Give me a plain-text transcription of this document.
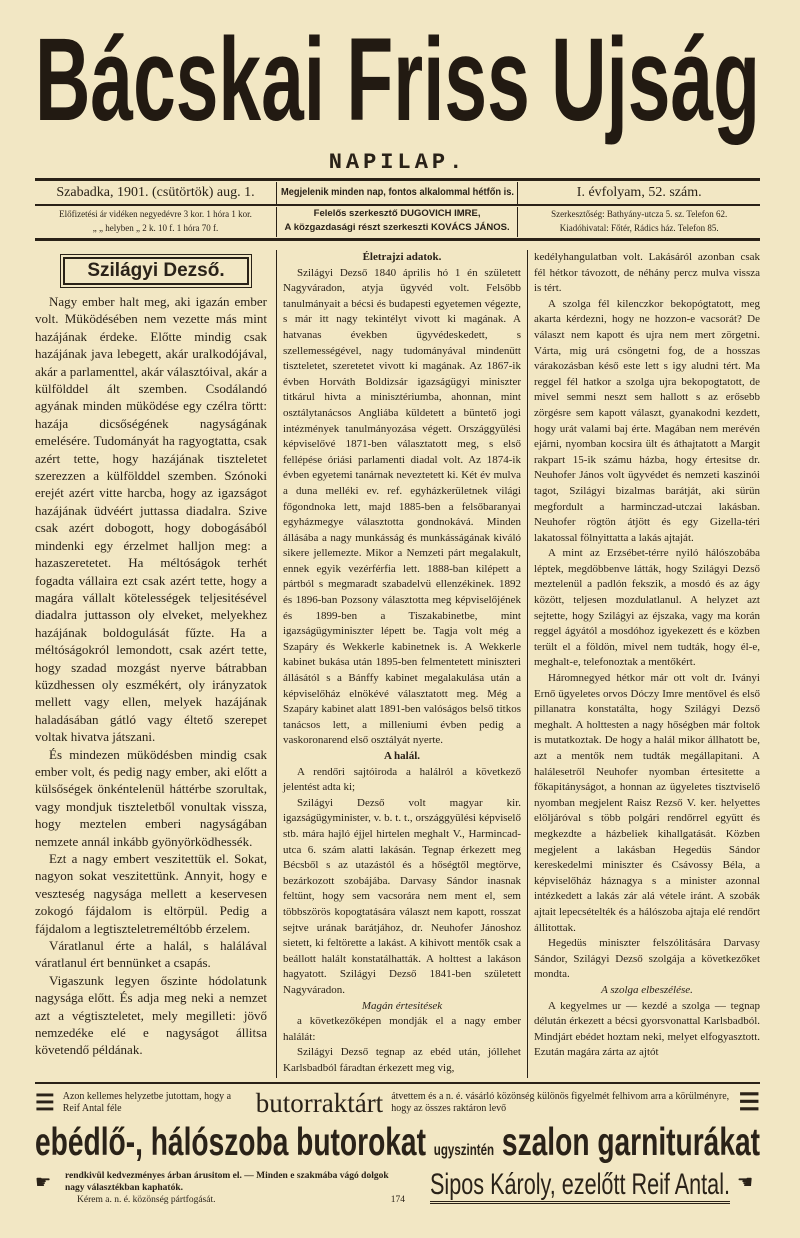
Bácskai Friss Ujság
NAPILAP.
Szabadka, 1901. (csütörtök) aug. 1.	Megjelenik minden nap, fontos alkalommal hétfőn is.	I. évfolyam, 52. szám.
Előfizetési ár vidéken negyedévre 3 kor. 1 hóra 1 kor.
„ „ helyben „ 2 k. 10 f. 1 hóra 70 f.
Felelős szerkesztő DUGOVICH IMRE,
A közgazdasági részt szerkeszti KOVÁCS JÁNOS.
Szerkesztőség: Bathyány-utcza 5. sz. Telefon 62.
Kiadóhivatal: Főtér, Rádics ház. Telefon 85.
Szilágyi Dezső.

Nagy ember halt meg, aki igazán ember volt. Müködésében nem vezette más mint hazájának érdeke. Előtte mindig csak hazájának java lebegett, akár uralkodójával, akár a parlamenttel, akár választóival, akár a külfölddel ált szemben. Csodálandó agyának minden müködése egy czélra törtt: hazája dicsőségének nagyságának emelésére. Tudományát ha ragyogtatta, csak azért tette, hogy hazájának tiszteletet szerezzen a külfölddel szemben. Szónoki erejét azért vitte harcba, hogy az igazságot hazájának üdvéért juttassa diadalra. Szive csak azért dobogott, hogy dobogásából mindenki egy érzelmet halljon meg: a hazaszeretetet. Ha méltóságok terhét fogadta vállaira ezt csak azért tette, hogy a magára vállalt kötelességek teljesitésével diadalra juttasson oly elveket, melyekhez hazájának boldogulását fűzte. Ha a méltóságokról lemondott, csak azért tette, hogy szadad mozgást nyerve bátrabban küzdhessen oly eszmékért, oly irányzatok mellett vagy ellen, melyek hazájának haladásában gátló vagy éltető szerepet voltak hivatva játszani.

És mindezen müködésben mindig csak ember volt, és pedig nagy ember, aki előtt a külsőségek önkéntelenül háttérbe szorultak, vagy mondjuk tiszteletből vonultak vissza, hogy meztelen emberi nagyságában nemzete annál inkább gyönyörködhessék.

Ezt a nagy embert veszitettük el. Sokat, nagyon sokat veszitettünk. Annyit, hogy e veszteség nagysága mellett a keservesen zokogó fájdalom is eltörpül. Pedig a fájdalom a legtiszteletreméltóbb érzelem.

Váratlanul érte a halál, s halálával váratlanul ért bennünket a csapás.

Vigaszunk legyen őszinte hódolatunk nagysága előtt. És adja meg neki a nemzet azt a végtiszteletet, mely megilleti: jövő nemzedéke elé e nagyságot állitsa követendő példának.

Életrajzi adatok.

Szilágyi Dezső 1840 április hó 1 én született Nagyváradon, atyja ügyvéd volt. Felsőbb tanulmányait a bécsi és budapesti egyetemen végezte, s már itt nagy tekintélyt vivott ki magának. A hatvanas években ügyvédeskedett, s szellemességével, nagy tudományával mindenütt tiszteletet, szeretetet vivott ki magának. Az 1867-ik évben Horváth Boldizsár igazságügyi miniszter titkárul hivta a minisztériumba, ahonnan, mint osztálytanácsos Angliába küldetett a büntető jogi intézmények tanulmányozása végett. Országgyülési képviselővé 1871-ben választatott meg, s első fellépése óriási parlamenti diadal volt. Az 1874-ik évben egyetemi tanárnak neveztetett ki. Két év mulva a duna melléki ev. ref. egyházkerületnek világi főgondnoka lett, majd 1885-ben a felsőbaranyai egyházmegye választotta gondnokává. Minden állásába a nagy munkásság és munkásságának kiváló sikere jellemezte. Mikor a Nemzeti párt megalakult, ennek egyik vezérférfia lett. 1888-ban kilépett a pártból s megmaradt szabadelvü ellenzékinek. 1892 és 1896-ban Pozsony választotta meg képviselőjének és 1899-ben a Tiszakabinetbe, mint igazságügyminiszter lépett be. Tagja volt még a Szapáry és Wekkerle kabinetnek is. A Wekkerle kabinet bukása után 1895-ben felmentetett miniszteri állásától s a Bánffy kabinet megalakulása után a képviselőház elnökévé választatott meg. Még a Szapáry kabinet alatt 1891-ben valóságos belső titkos tanácsos lett, a milleniumi évben pedig a vaskoronarend első osztályát nyerte.

A halál.

A rendőri sajtóiroda a halálról a következő jelentést adta ki;

Szilágyi Dezső volt magyar kir. igazságügyminister, v. b. t. t., országgyülési képviselő stb. mára hajló éjjel hirtelen meghalt V., Harmincad-utca 6. szám alatti lakásán. Tegnap érkezett meg Bécsből s az utazástól és a hőségtől megtörve, bezárkozott szobájába. Darvasy Sándor inasnak feltünt, hogy sem vacsorára nem ment el, sem többszörös kopogtatására választ nem kapott, rosszat sejtve urának barátjához, dr. Neuhofer Jánoshoz sietett, ki feltörette a lakást. A kihivott mentők csak a beállott halált konstatálhatták. A holttest a lakáson hagyatott. Szilágyi Dezső 1841-ben született Nagyváradon.

Magán értesitések

a következőképen mondják el a nagy ember halálát:

Szilágyi Dezső tegnap az ebéd után, jóllehet Karlsbadból fáradtan érkezett meg vig,

kedélyhangulatban volt. Lakásáról azonban csak fél hétkor távozott, de néhány percz mulva vissza is tért.

A szolga fél kilenczkor bekopógtatott, meg akarta kérdezni, hogy ne hozzon-e vacsorát? De választ nem kapott és ujra nem mert zörgetni. Várta, mig urá csöngetni fog, de a hosszas várakozásban késő este lett s igy aludni tért. Ma reggel fél hatkor a szolga ujra bekopogtatott, de mivel semmi neszt sem hallott s az erősebb zörgésre sem kapott választ, gyanakodni kezdett, hogy urát valami baj érte. Magában nem merévén ejárni, nyomban kocsira ült és áthajtatott a Margit rakpart 15-ik számu házba, hogy értesitse dr. Neuhofer János volt ügyvédet és nemzeti kaszinói tagot, Szilágyi bizalmas barátját, aki sürün megfordult a harminczad-utczai lakásban. Neuhofer rögtön átjött és egy Gizella-téri lakatossal fölnyittatta a lakás ajtaját.

A mint az Erzsébet-térre nyiló hálószobába léptek, megdöbbenve látták, hogy Szilágyi Dezső meztelenül a padlón fekszik, a mosdó és az ágy között, teljesen mozdulatlanul. A helyzet azt sejtette, hogy Szilágyi az éjszaka, vagy ma korán reggel ágyától a mosdóhoz igyekezett és e közben terült el a földön, mivel nem tudták, hogy él-e, meghalt-e, telefonoztak a mentőkért.

Háromnegyed hétkor már ott volt dr. Iványi Ernő ügyeletes orvos Dóczy Imre mentővel és első pillanatra konstatálta, hogy Szilágyi Dezső meghalt. A holttesten a nagy hőségben már foltok is mutatkoztak. De hogy a halál mikor állhatott be, azt a mentők nem tudták megállapitani. A halálesetről Neuhofer nyomban értesitette a főkapitányságot, a honnan az ügyeletes tisztviselő nyomban megjelent Raisz Rezső V. ker. helyettes elöljáróval s több polgári rendőrrel együtt és megkezdte a házbeliek kihallgatását. Közben megjelent a lakásban Hegedüs Sándor kereskedelmi miniszter és Csávossy Béla, a képviselőház háznagya s a minister azonnal intézkedett a lakás zár alá vétele iránt. A szobák ajtait lepecsételték és a hálószoba ajtaja elé rendőrt állitottak.

Hegedüs miniszter felszólitására Darvasy Sándor, Szilágyi Dezső szolgája a következőket mondta.

A szolga elbeszélése.

A kegyelmes ur — kezdé a szolga — tegnap délután érkezett a bécsi gyorsvonattal Karlsbadból. Mindjárt ebédet hoztam neki, melyet elfogyasztott. Ezután magára zárta az ajtót

☰ Azon kellemes helyzetbe jutottam, hogy a Reif Antal féle	butorraktárt átvettem és a n. é. vásárló közönség különös figyelmét felhivom arra a körülményre, hogy az összes raktáron levő	☰
ebédlő-, hálószoba butorokat ugyszintén szalon garniturákat
☛ rendkivül kedvezményes árban árusitom el. — Minden e szakmába vágó dolgok nagy választékban kaphatók.
Kérem a. n. é. közönség pártfogását.	174 Sipos Károly, ezelőtt Reif Antal. ☚
